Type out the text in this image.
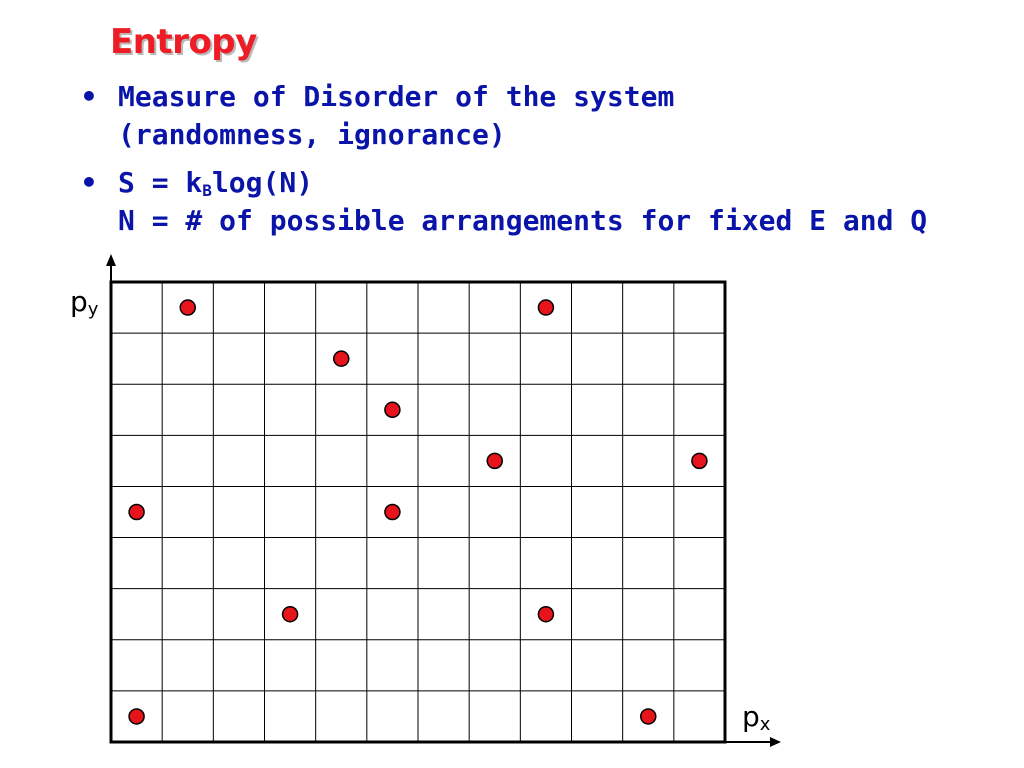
Entropy
• Measure of Disorder of the system
(randomness, ignorance)
• $S = k_B\log(N)$
N = # of possible arrangements for fixed E and Q
$p_y$
$p_x$
